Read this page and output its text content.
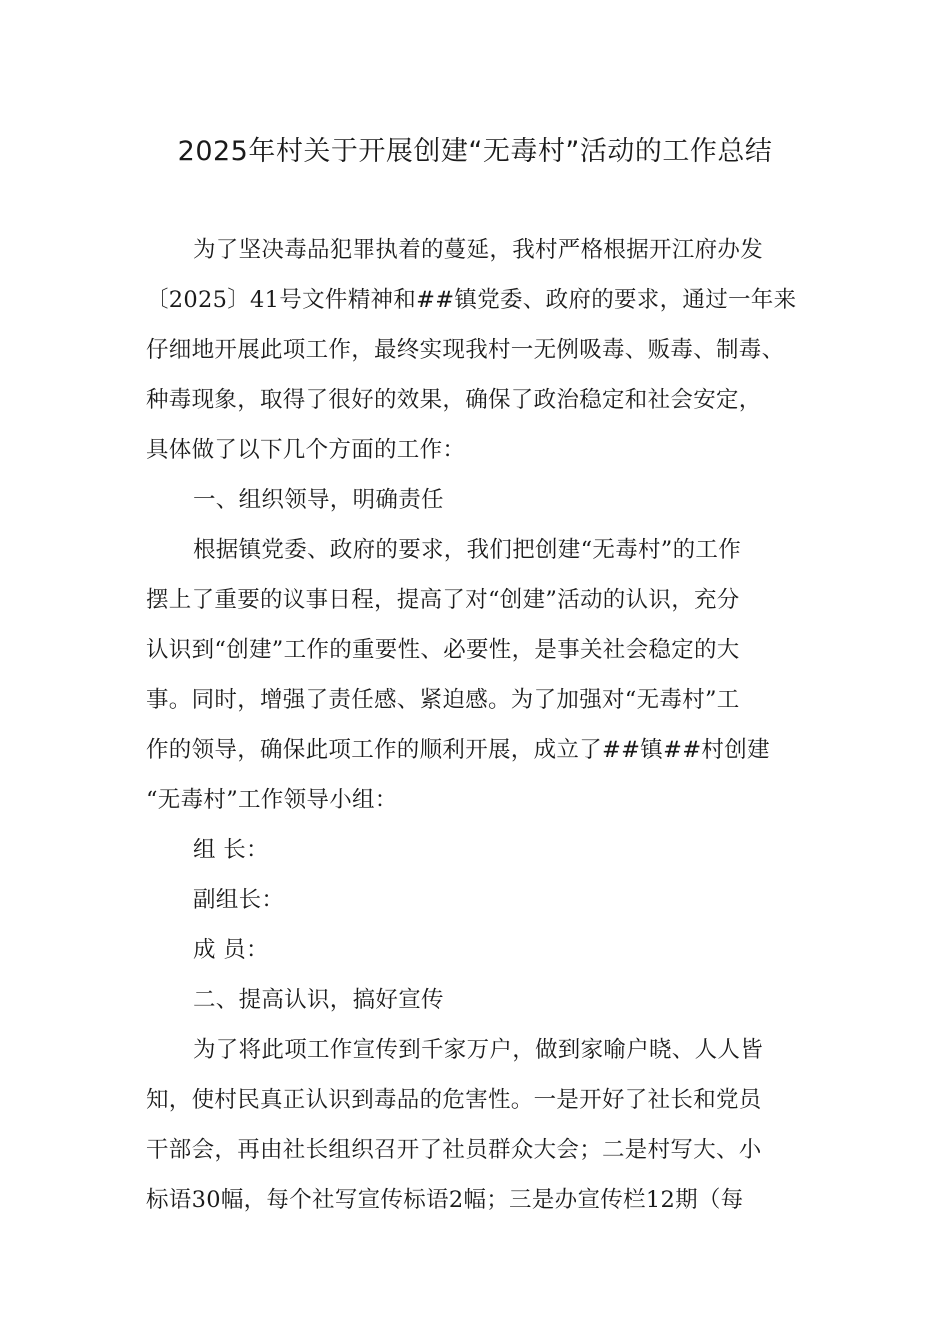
2025年村关于开展创建“无毒村”活动的工作总结
为了坚决毒品犯罪执着的蔓延，我村严格根据开江府办发
〔2025〕41号文件精神和##镇党委、政府的要求，通过一年来
仔细地开展此项工作，最终实现我村一无例吸毒、贩毒、制毒、
种毒现象，取得了很好的效果，确保了政治稳定和社会安定，
具体做了以下几个方面的工作：
一、组织领导，明确责任
根据镇党委、政府的要求，我们把创建“无毒村”的工作
摆上了重要的议事日程，提高了对“创建”活动的认识，充分
认识到“创建”工作的重要性、必要性，是事关社会稳定的大
事。同时，增强了责任感、紧迫感。为了加强对“无毒村”工
作的领导，确保此项工作的顺利开展，成立了##镇##村创建
“无毒村”工作领导小组：
组 长：
副组长：
成 员：
二、提高认识，搞好宣传
为了将此项工作宣传到千家万户，做到家喻户晓、人人皆
知，使村民真正认识到毒品的危害性。一是开好了社长和党员
干部会，再由社长组织召开了社员群众大会；二是村写大、小
标语30幅，每个社写宣传标语2幅；三是办宣传栏12期（每
